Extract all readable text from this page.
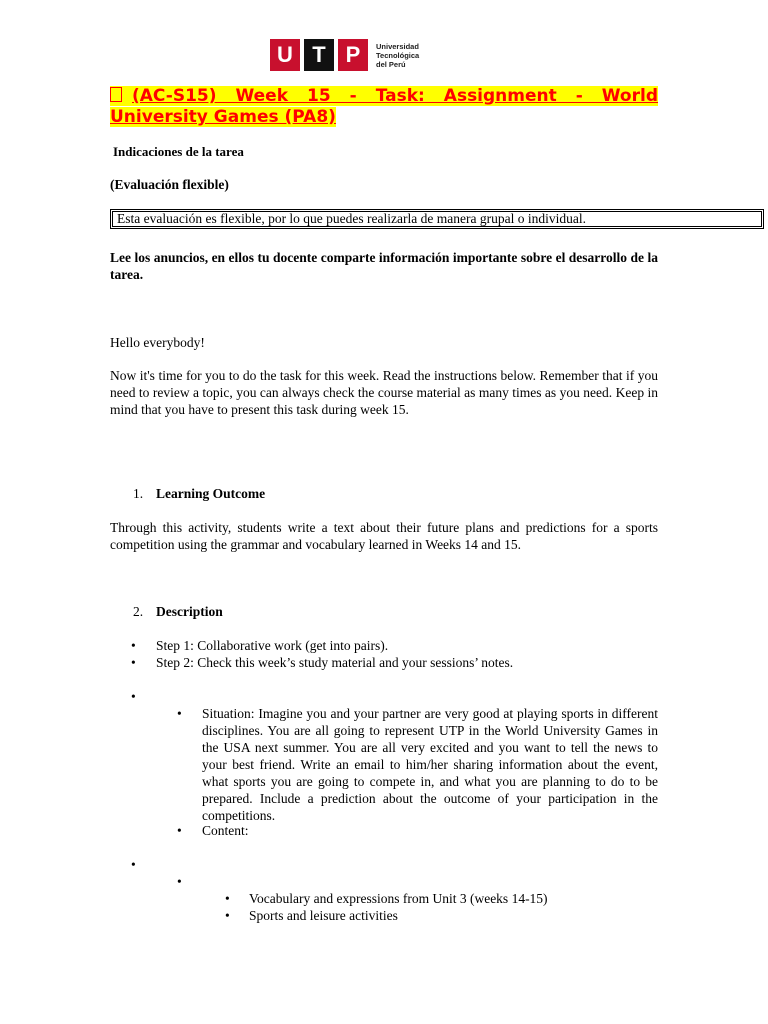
U T P	Universidad
Tecnológica
del Perú
(AC-S15) Week 15 - Task: Assignment - World University Games (PA8)
Indicaciones de la tarea
(Evaluación flexible)
Esta evaluación es flexible, por lo que puedes realizarla de manera grupal o individual.
Lee los anuncios, en ellos tu docente comparte información importante sobre el desarrollo de la tarea.
Hello everybody!
Now it's time for you to do the task for this week. Read the instructions below. Remember that if you need to review a topic, you can always check the course material as many times as you need. Keep in mind that you have to present this task during week 15.
1. Learning Outcome
Through this activity, students write a text about their future plans and predictions for a sports competition using the grammar and vocabulary learned in Weeks 14 and 15.
2. Description
• Step 1: Collaborative work (get into pairs).
• Step 2: Check this week’s study material and your sessions’ notes.
•
• Situation: Imagine you and your partner are very good at playing sports in different disciplines. You are all going to represent UTP in the World University Games in the USA next summer. You are all very excited and you want to tell the news to your best friend. Write an email to him/her sharing information about the event, what sports you are going to compete in, and what you are planning to do to be prepared. Include a prediction about the outcome of your participation in the competitions.
• Content:
•
•
• Vocabulary and expressions from Unit 3 (weeks 14-15)
• Sports and leisure activities
